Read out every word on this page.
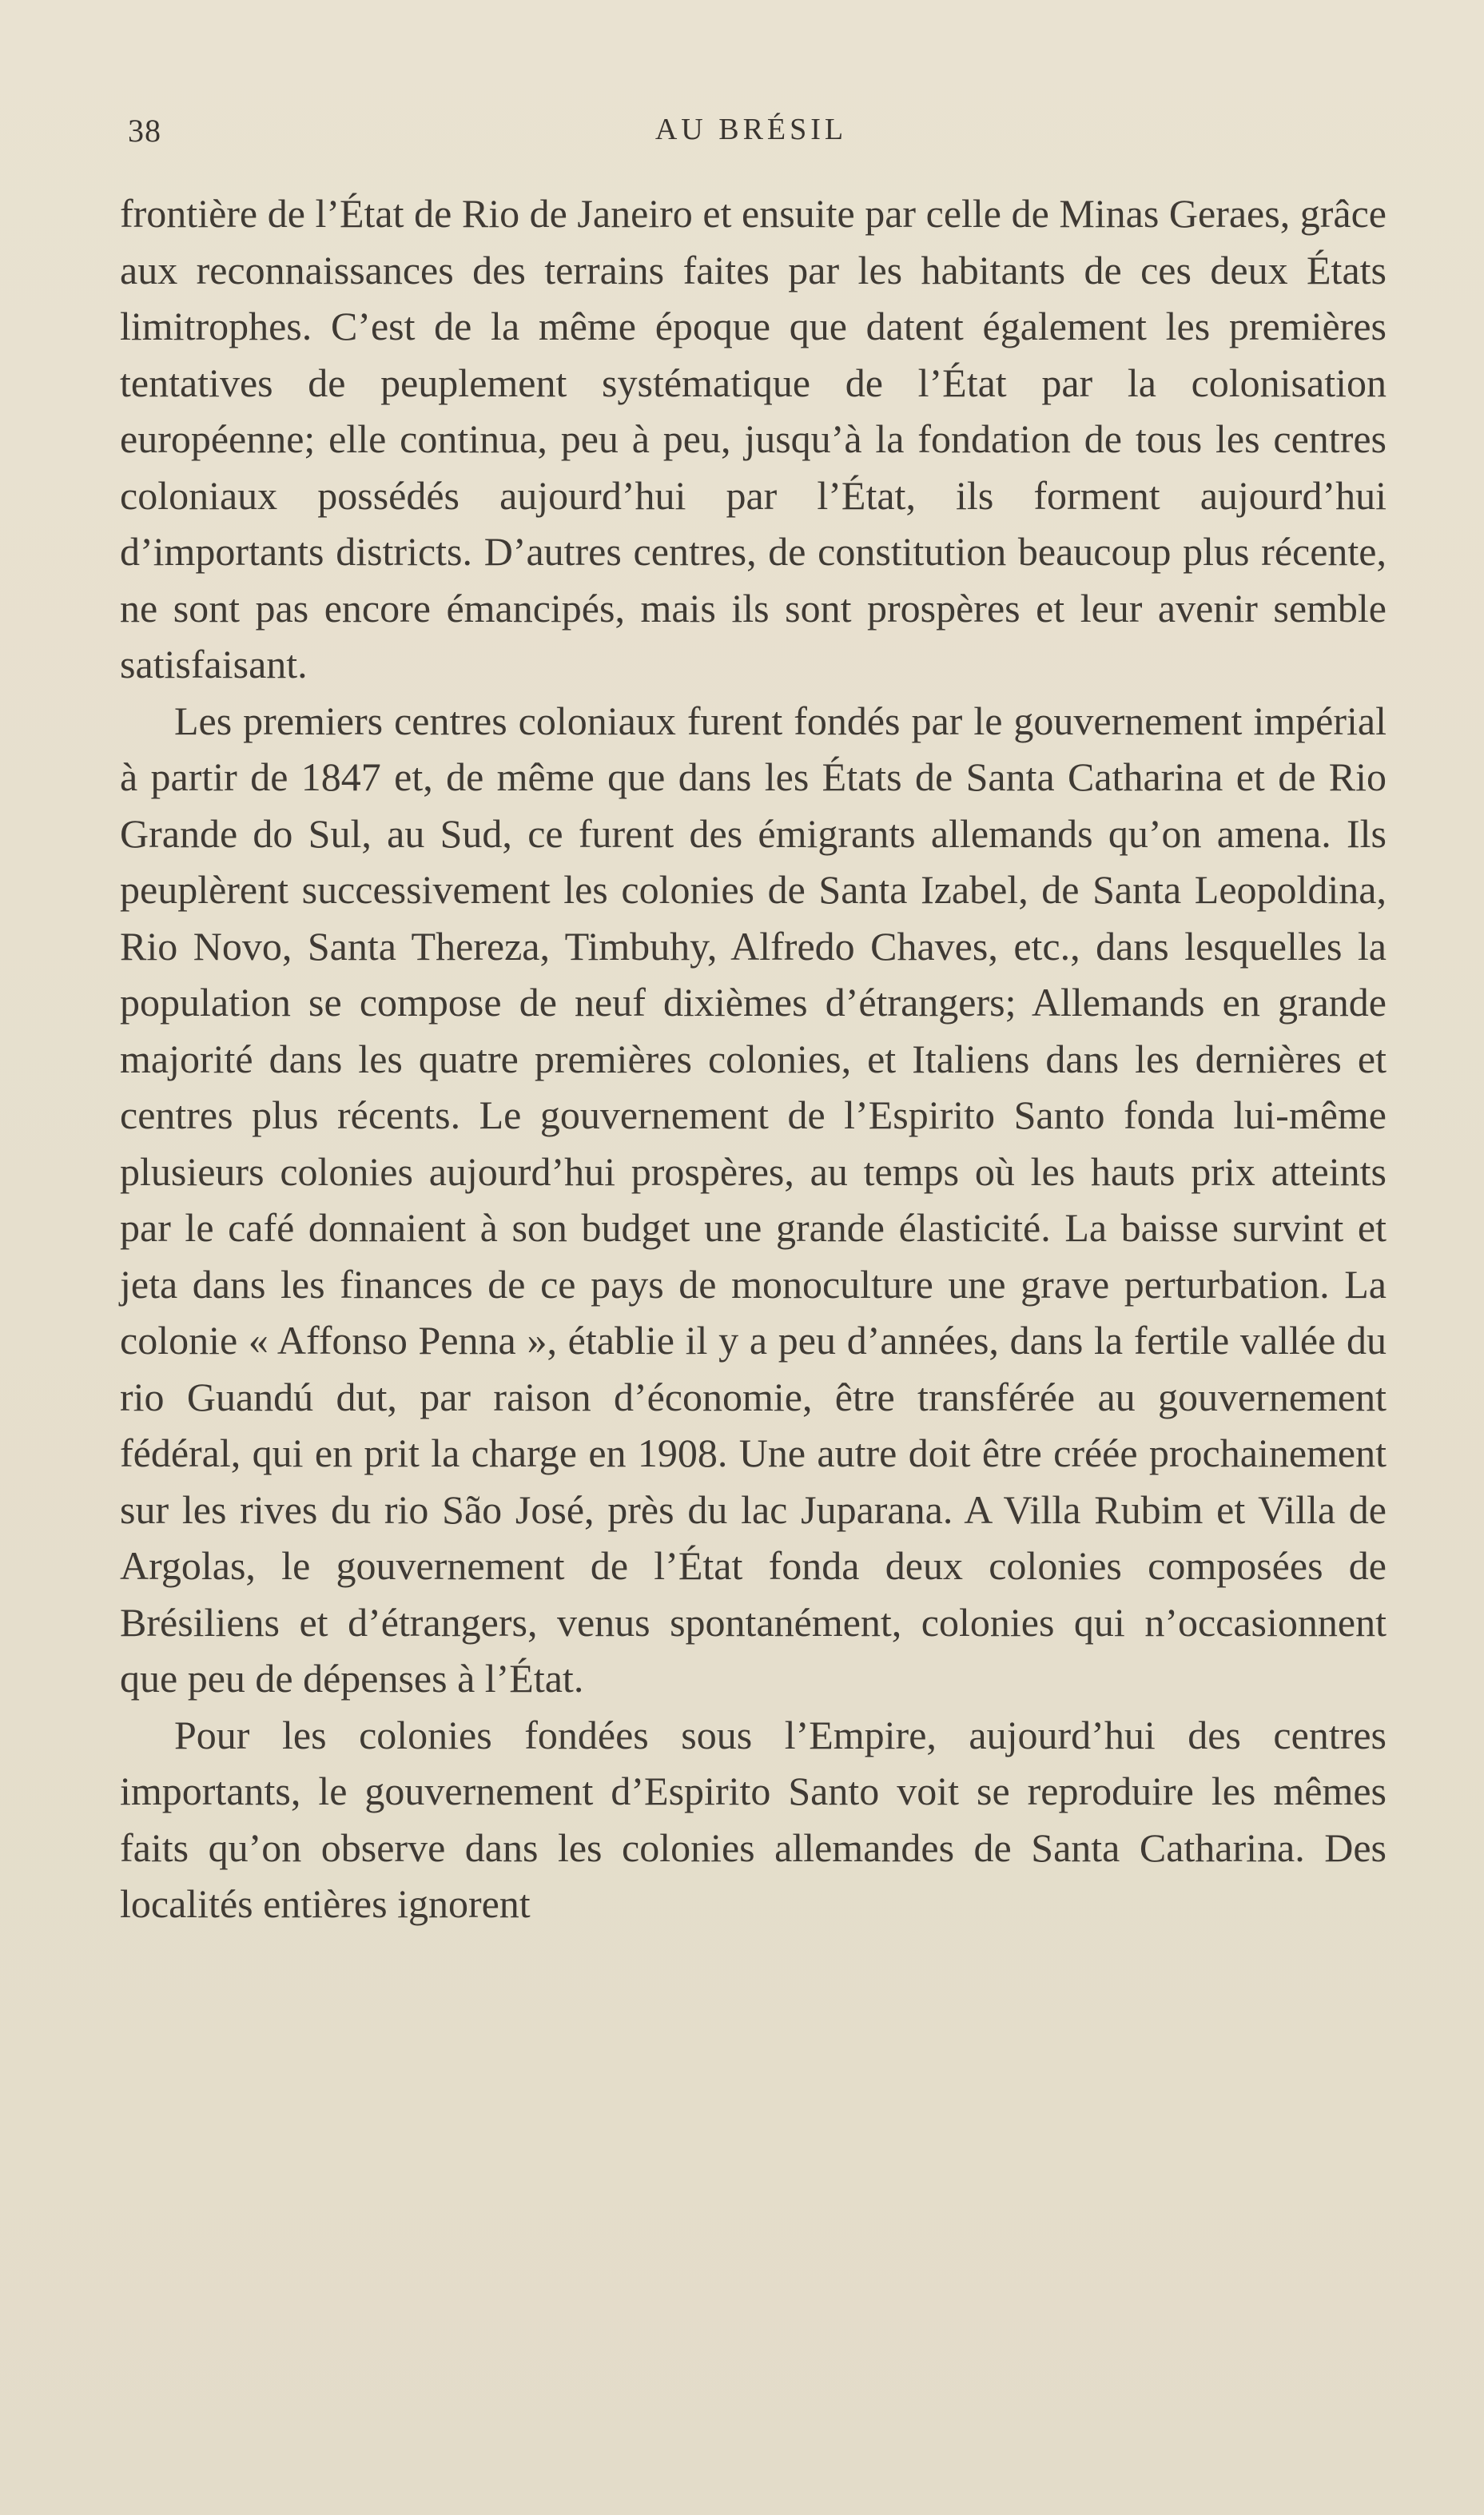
38	AU BRÉSIL

frontière de l’État de Rio de Janeiro et ensuite par celle de Minas Geraes, grâce aux reconnaissances des terrains faites par les habitants de ces deux États limitrophes. C’est de la même époque que datent également les premières tentatives de peuplement systématique de l’État par la colonisation européenne; elle continua, peu à peu, jusqu’à la fondation de tous les centres coloniaux possédés aujourd’hui par l’État, ils forment aujourd’hui d’importants districts. D’autres centres, de constitution beaucoup plus récente, ne sont pas encore émancipés, mais ils sont prospères et leur avenir semble satisfaisant.

Les premiers centres coloniaux furent fondés par le gouvernement impérial à partir de 1847 et, de même que dans les États de Santa Catharina et de Rio Grande do Sul, au Sud, ce furent des émigrants allemands qu’on amena. Ils peuplèrent successivement les colonies de Santa Izabel, de Santa Leopoldina, Rio Novo, Santa Thereza, Timbuhy, Alfredo Chaves, etc., dans lesquelles la population se compose de neuf dixièmes d’étrangers; Allemands en grande majorité dans les quatre premières colonies, et Italiens dans les dernières et centres plus récents. Le gouvernement de l’Espirito Santo fonda lui-même plusieurs colonies aujourd’hui prospères, au temps où les hauts prix atteints par le café donnaient à son budget une grande élasticité. La baisse survint et jeta dans les finances de ce pays de monoculture une grave perturbation. La colonie « Affonso Penna », établie il y a peu d’années, dans la fertile vallée du rio Guandú dut, par raison d’économie, être transférée au gouvernement fédéral, qui en prit la charge en 1908. Une autre doit être créée prochainement sur les rives du rio São José, près du lac Juparana. A Villa Rubim et Villa de Argolas, le gouvernement de l’État fonda deux colonies composées de Brésiliens et d’étrangers, venus spontanément, colonies qui n’occasionnent que peu de dépenses à l’État.

Pour les colonies fondées sous l’Empire, aujourd’hui des centres importants, le gouvernement d’Espirito Santo voit se reproduire les mêmes faits qu’on observe dans les colonies allemandes de Santa Catharina. Des localités entières ignorent
